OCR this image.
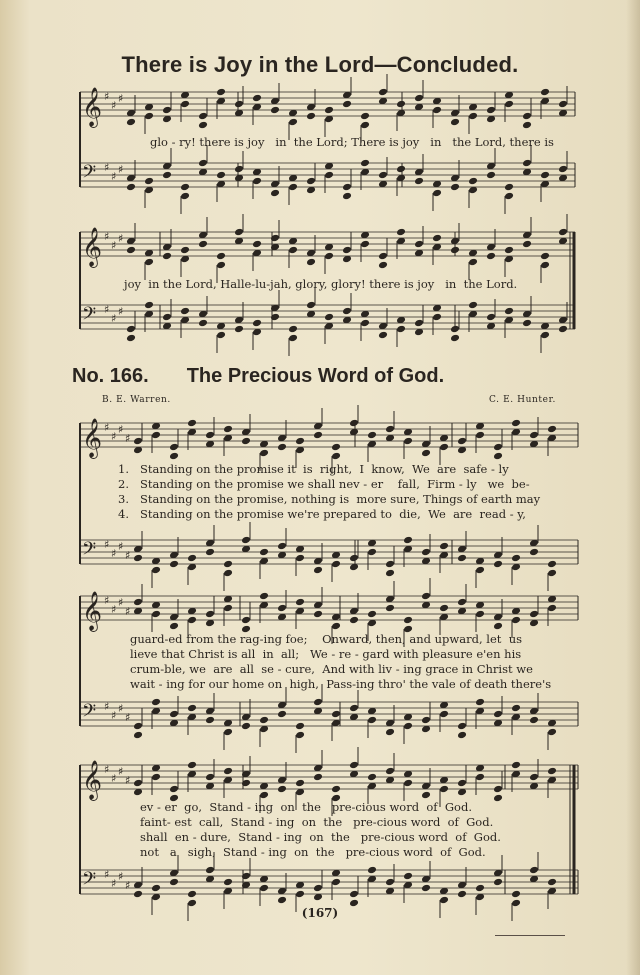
There is Joy in the Lord—Concluded.
𝄞 ♯
♯
♯
𝄢 ♯
♯
♯
𝄞 ♯
♯
♯
𝄢 ♯
♯
♯
𝄞 ♯
♯
♯
♯
𝄢 ♯
♯
♯
♯
𝄞 ♯
♯
♯
♯
𝄢 ♯
♯
♯
♯
𝄞 ♯
♯
♯
♯
𝄢 ♯
♯
♯
♯
glo - ry! there is joy   in  the Lord; There is joy   in   the Lord, there is
joy  in the Lord, Halle-lu-jah, glory, glory! there is joy   in  the Lord.
No. 166. The Precious Word of God.
B. E. Warren.	C. E. Hunter.
1. Standing on the promise it  is  right,  I  know,  We  are  safe - ly
2. Standing on the promise we shall nev - er    fall,  Firm - ly   we  be-
3. Standing on the promise, nothing is  more sure, Things of earth may
4. Standing on the promise we're prepared to  die,  We  are  read - y,
guard-ed from the rag-ing foe;    Onward, then, and upward, let  us
lieve that Christ is all  in  all;   We - re - gard with pleasure e'en his
crum-ble, we  are  all  se - cure,  And with liv - ing grace in Christ we
wait - ing for our home on  high,  Pass-ing thro' the vale of death there's
ev - er  go,  Stand - ing  on  the   pre-cious word  of  God.
faint- est  call,  Stand - ing  on  the   pre-cious word  of  God.
shall  en - dure,  Stand - ing  on  the   pre-cious word  of  God.
not   a   sigh,  Stand - ing  on  the   pre-cious word  of  God.
(167)
